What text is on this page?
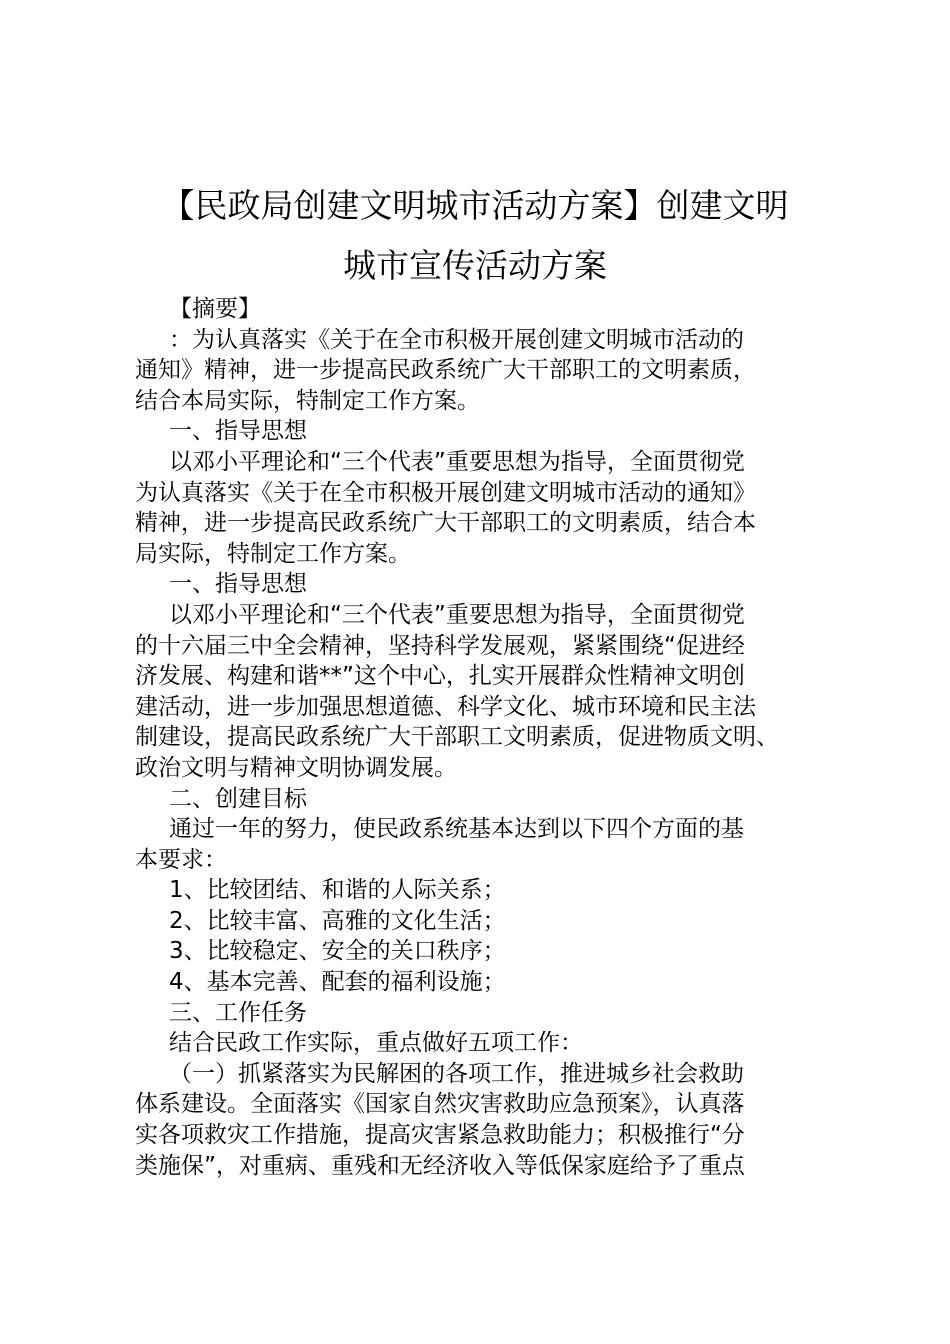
【民政局创建文明城市活动方案】创建文明
城市宣传活动方案
【摘要】
：为认真落实《关于在全市积极开展创建文明城市活动的
通知》精神，进一步提高民政系统广大干部职工的文明素质，
结合本局实际，特制定工作方案。
一、指导思想
以邓小平理论和“三个代表”重要思想为指导，全面贯彻党
为认真落实《关于在全市积极开展创建文明城市活动的通知》
精神，进一步提高民政系统广大干部职工的文明素质，结合本
局实际，特制定工作方案。
一、指导思想
以邓小平理论和“三个代表”重要思想为指导，全面贯彻党
的十六届三中全会精神，坚持科学发展观，紧紧围绕“促进经
济发展、构建和谐**”这个中心，扎实开展群众性精神文明创
建活动，进一步加强思想道德、科学文化、城市环境和民主法
制建设，提高民政系统广大干部职工文明素质，促进物质文明、
政治文明与精神文明协调发展。
二、创建目标
通过一年的努力，使民政系统基本达到以下四个方面的基
本要求：
1、比较团结、和谐的人际关系；
2、比较丰富、高雅的文化生活；
3、比较稳定、安全的关口秩序；
4、基本完善、配套的福利设施；
三、工作任务
结合民政工作实际，重点做好五项工作：
（一）抓紧落实为民解困的各项工作，推进城乡社会救助
体系建设。全面落实《国家自然灾害救助应急预案》，认真落
实各项救灾工作措施，提高灾害紧急救助能力；积极推行“分
类施保”，对重病、重残和无经济收入等低保家庭给予了重点
